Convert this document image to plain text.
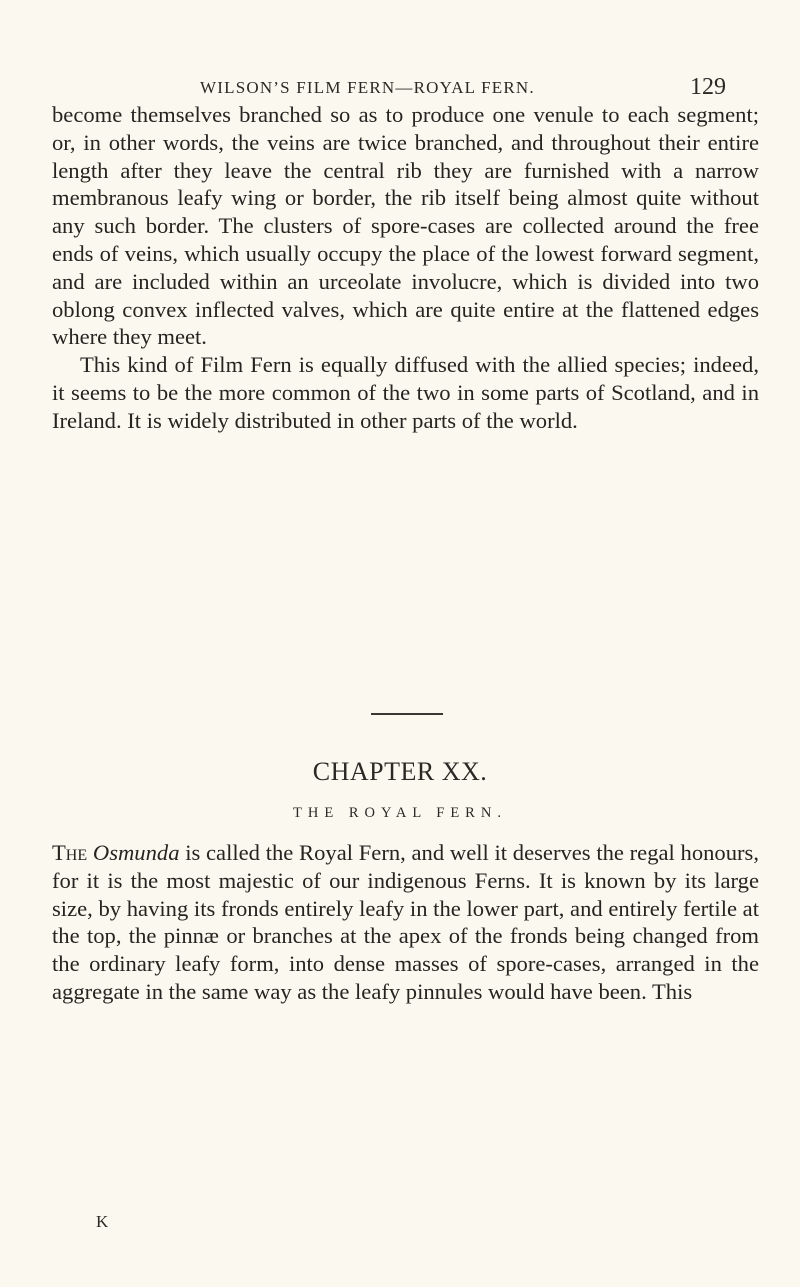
WILSON’S FILM FERN—ROYAL FERN.	129

become themselves branched so as to produce one venule to each segment; or, in other words, the veins are twice branched, and throughout their entire length after they leave the central rib they are furnished with a narrow membranous leafy wing or border, the rib itself being almost quite without any such border. The clusters of spore-cases are collected around the free ends of veins, which usually occupy the place of the lowest forward segment, and are included within an urceolate involucre, which is divided into two oblong convex inflected valves, which are quite entire at the flattened edges where they meet.

This kind of Film Fern is equally diffused with the allied species; indeed, it seems to be the more common of the two in some parts of Scotland, and in Ireland. It is widely distributed in other parts of the world.

CHAPTER XX.
THE ROYAL FERN.

The Osmunda is called the Royal Fern, and well it deserves the regal honours, for it is the most majestic of our indigenous Ferns. It is known by its large size, by having its fronds entirely leafy in the lower part, and entirely fertile at the top, the pinnæ or branches at the apex of the fronds being changed from the ordinary leafy form, into dense masses of spore-cases, arranged in the aggregate in the same way as the leafy pinnules would have been. This

K
